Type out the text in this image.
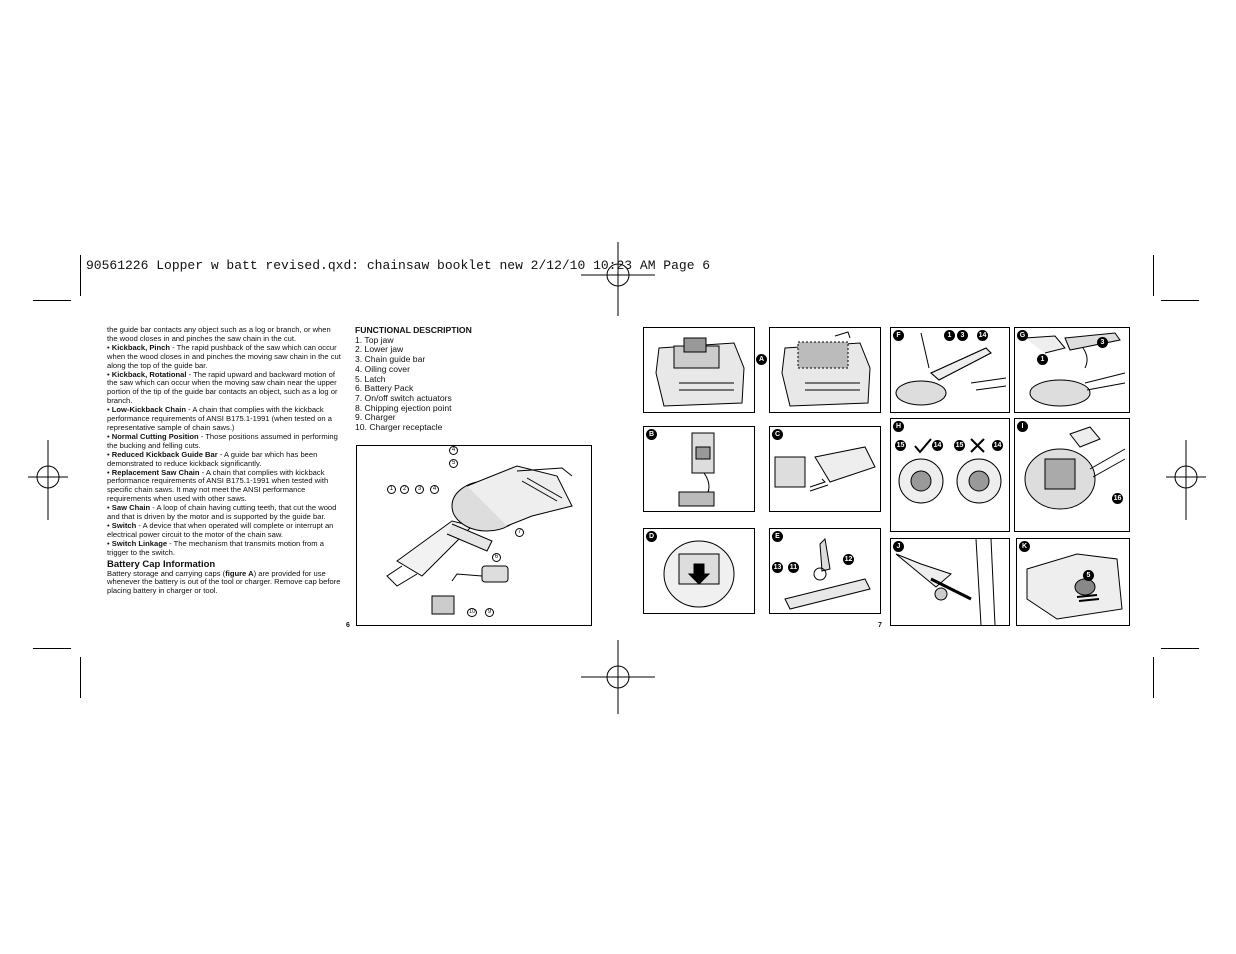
90561226 Lopper w batt revised.qxd: chainsaw booklet new 2/12/10 10:23 AM Page 6
the guide bar contacts any object such as a log or branch, or when the wood closes in and pinches the saw chain in the cut.
• Kickback, Pinch - The rapid pushback of the saw which can occur when the wood closes in and pinches the moving saw chain in the cut along the top of the guide bar.
• Kickback, Rotational - The rapid upward and backward motion of the saw which can occur when the moving saw chain near the upper portion of the tip of the guide bar contacts an object, such as a log or branch.
• Low-Kickback Chain - A chain that complies with the kickback performance requirements of ANSI B175.1-1991 (when tested on a representative sample of chain saws.)
• Normal Cutting Position - Those positions assumed in performing the bucking and felling cuts.
• Reduced Kickback Guide Bar - A guide bar which has been demonstrated to reduce kickback significantly.
• Replacement Saw Chain - A chain that complies with kickback performance requirements of ANSI B175.1-1991 when tested with specific chain saws. It may not meet the ANSI performance requirements when used with other saws.
• Saw Chain - A loop of chain having cutting teeth, that cut the wood and that is driven by the motor and is supported by the guide bar.
• Switch - A device that when operated will complete or interrupt an electrical power circuit to the motor of the chain saw.
• Switch Linkage - The mechanism that transmits motion from a trigger to the switch.
Battery Cap Information
Battery storage and carrying caps (figure A) are provided for use whenever the battery is out of the tool or charger. Remove cap before placing battery in charger or tool.
FUNCTIONAL DESCRIPTION
1. Top jaw
2. Lower jaw
3. Chain guide bar
4. Oiling cover
5. Latch
6. Battery Pack
7. On/off switch actuators
8. Chipping ejection point
9. Charger
10. Charger receptacle
4
5
1	2	3	4
7
6
10	9
6	7
A
B	C
D	E
12
13 11
F	1	3	14	G
1
3
H
15	14 15	14
I
16
J	K
5
